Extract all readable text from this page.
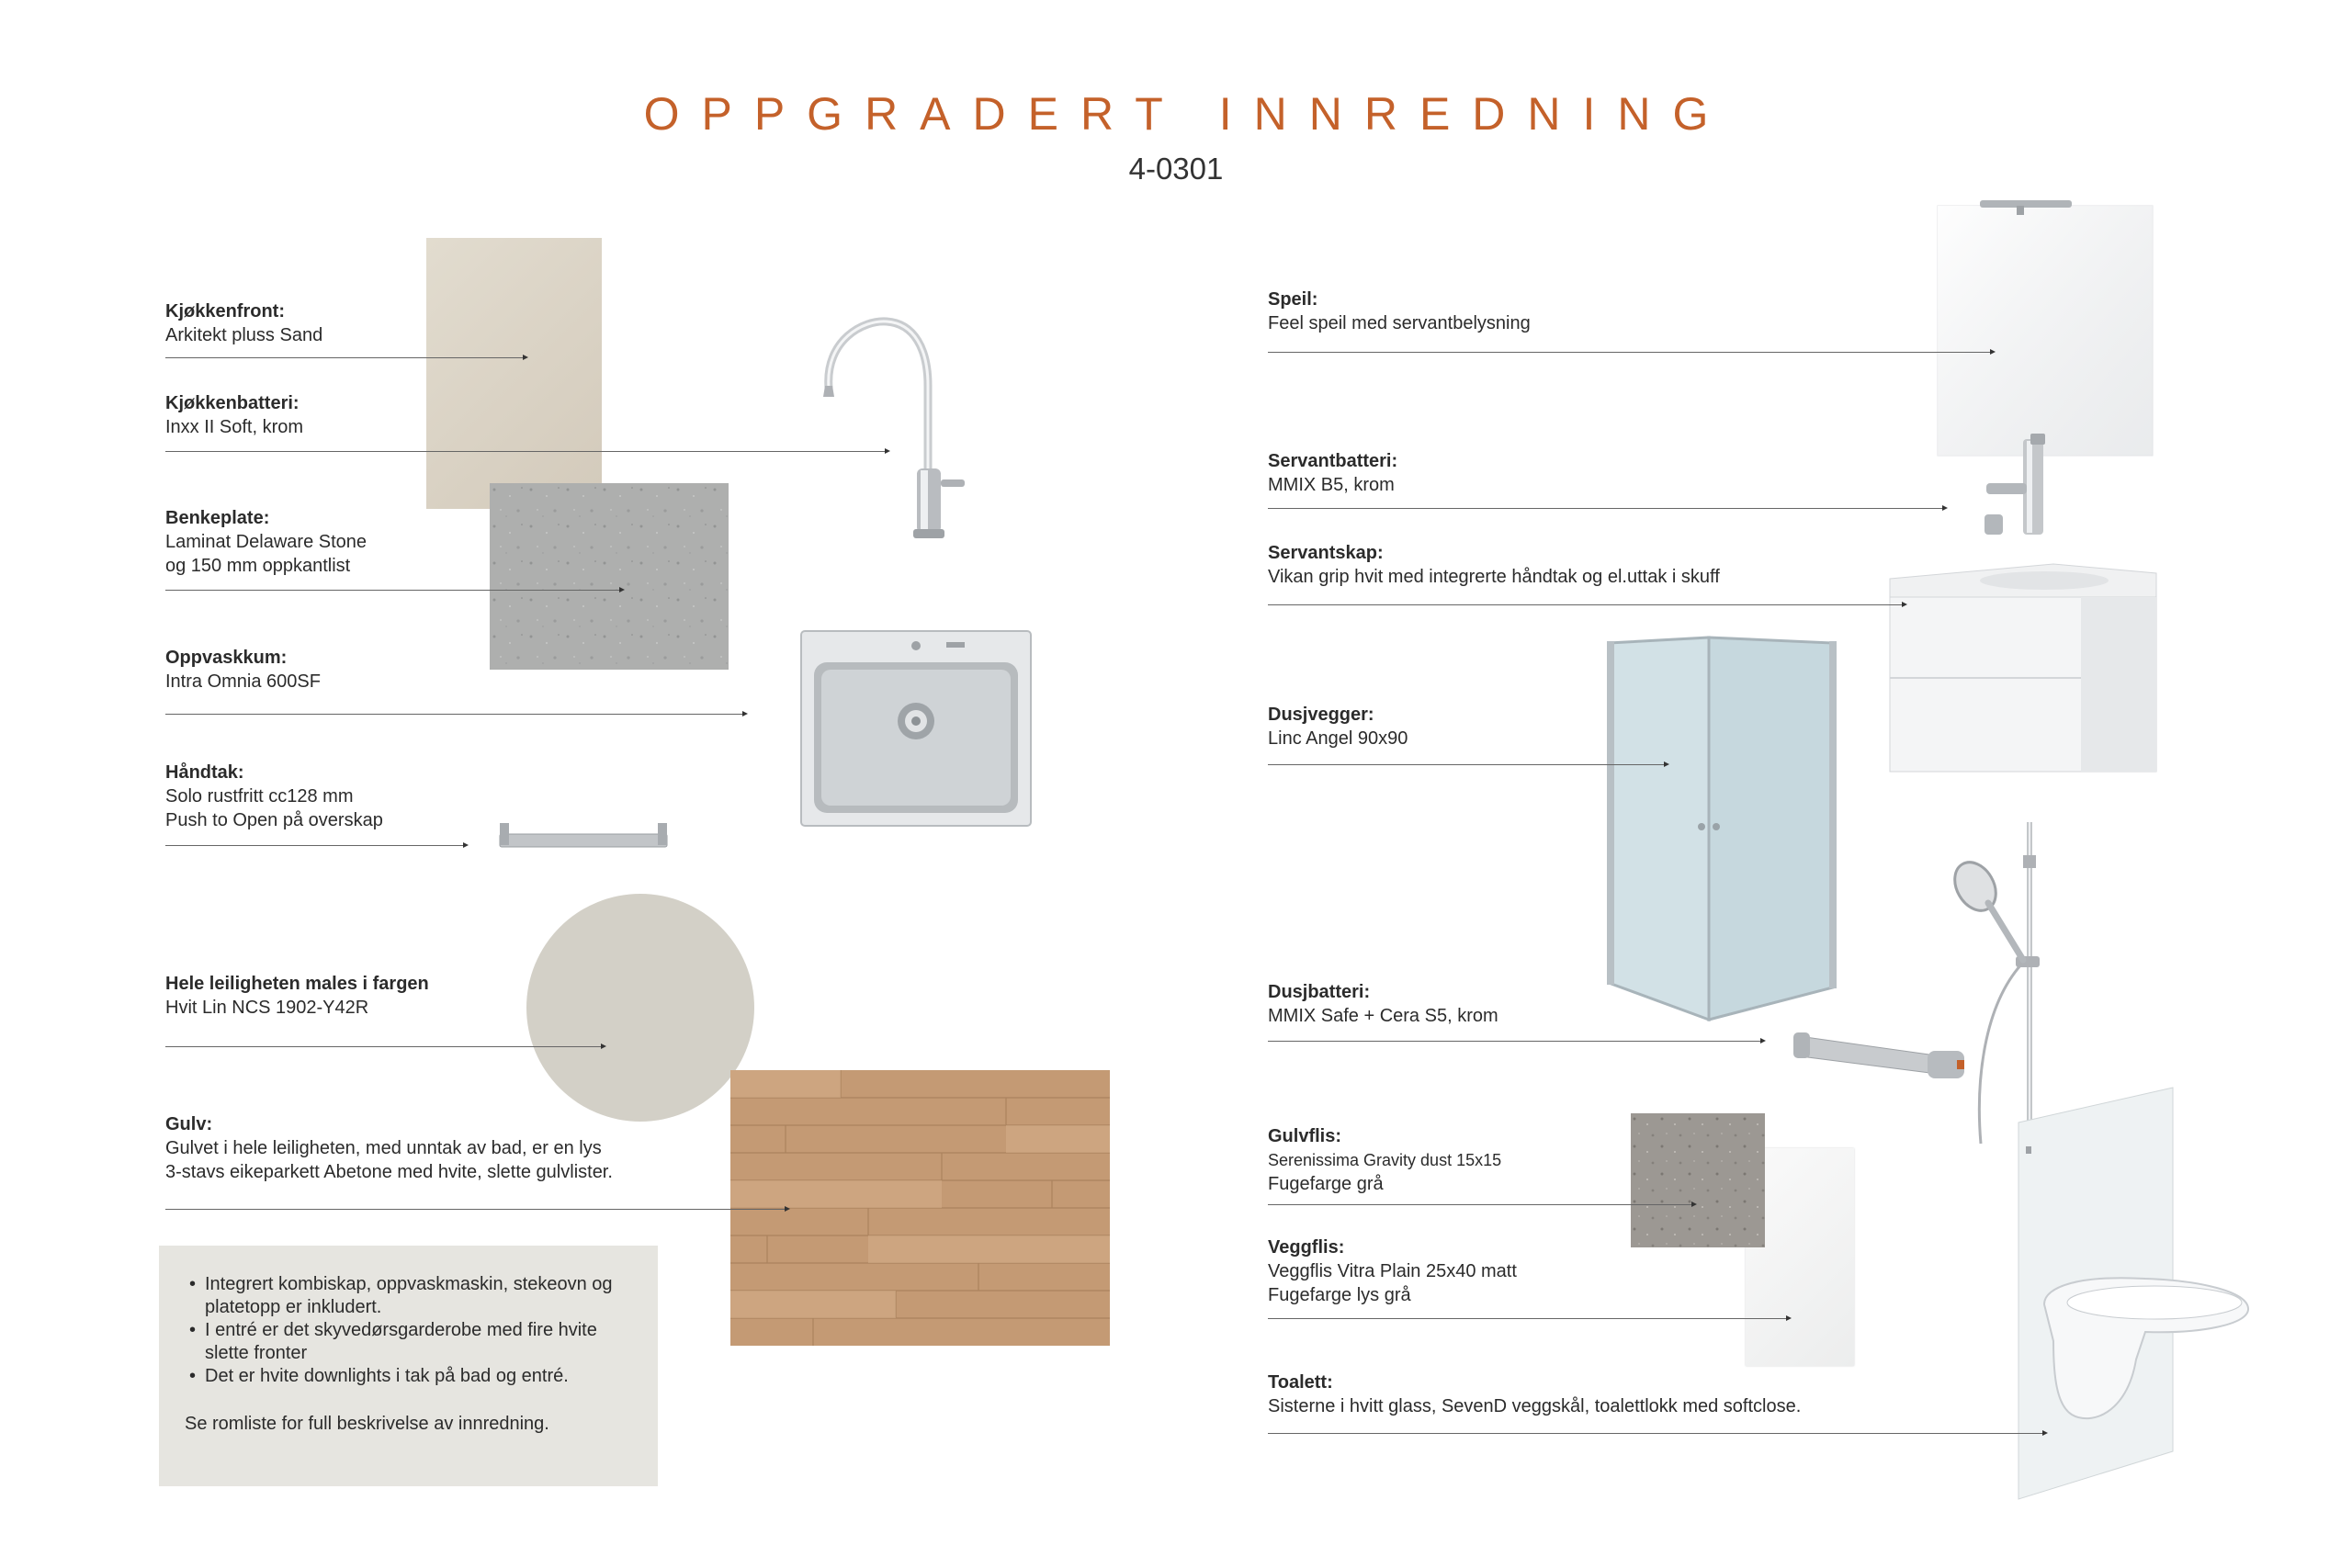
OPPGRADERT INNREDNING
4-0301
Kjøkkenfront:
Arkitekt pluss Sand
Kjøkkenbatteri:
Inxx II Soft, krom
Benkeplate:
Laminat Delaware Stone
og 150 mm oppkantlist
Oppvaskkum:
Intra Omnia 600SF
Håndtak:
Solo rustfritt cc128 mm
Push to Open på overskap
Hele leiligheten males i fargen
Hvit Lin NCS 1902-Y42R
Gulv:
Gulvet i hele leiligheten, med unntak av bad, er en lys
3-stavs eikeparkett Abetone med hvite, slette gulvlister.
• Integrert kombiskap, oppvaskmaskin, stekeovn og platetopp er inkludert.
• I entré er det skyvedørsgarderobe med fire hvite slette fronter
• Det er hvite downlights i tak på bad og entré.
Se romliste for full beskrivelse av innredning.
Speil:
Feel speil med servantbelysning
Servantbatteri:
MMIX B5, krom
Servantskap:
Vikan grip hvit med integrerte håndtak og el.uttak i skuff
Dusjvegger:
Linc Angel 90x90
Dusjbatteri:
MMIX Safe + Cera S5, krom
Gulvflis:
Serenissima Gravity dust 15x15
Fugefarge grå
Veggflis:
Veggflis Vitra Plain 25x40 matt
Fugefarge lys grå
Toalett:
Sisterne i hvitt glass, SevenD veggskål, toalettlokk med softclose.
